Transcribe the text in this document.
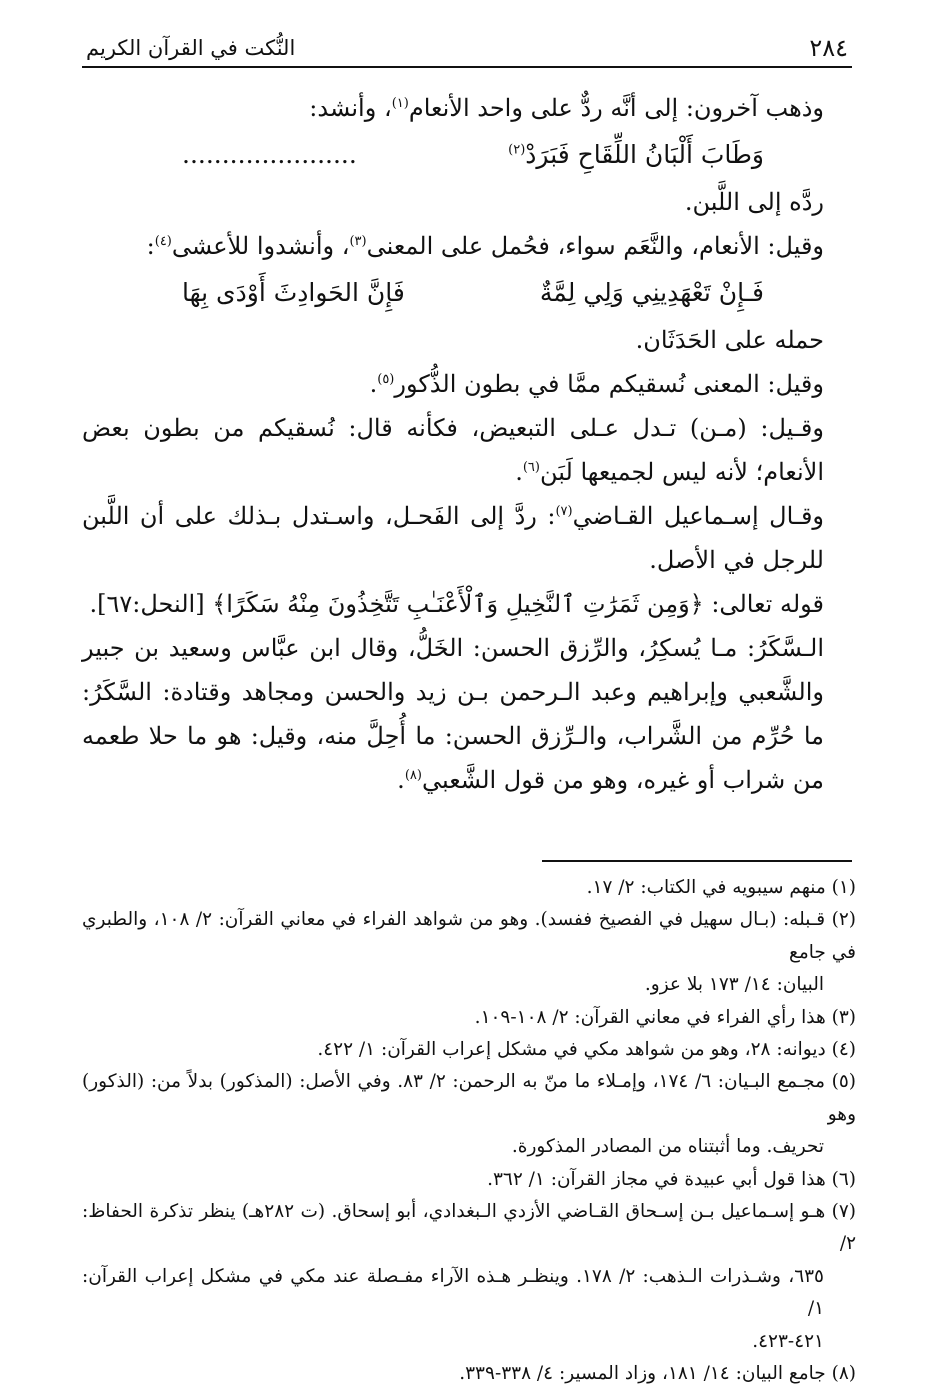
٢٨٤
النُّكت في القرآن الكريم

وذهب آخرون: إلى أنَّه ردٌّ على واحد الأنعام$^{(١)}$، وأنشد:

وَطَابَ أَلْبَانُ اللِّقَاحِ فَبَرَدْ$^{(٢)}$
......................

ردَّه إلى اللَّبن.

وقيل: الأنعام، والنَّعَم سواء، فحُمل على المعنى$^{(٣)}$، وأنشدوا للأعشى$^{(٤)}$:

فَـإِنْ تَعْهَدِينِي وَلِي لِمَّةٌ
فَإِنَّ الحَوادِثَ أَوْدَى بِهَا

حمله على الحَدَثَان.

وقيل: المعنى نُسقيكم ممَّا في بطون الذُّكور$^{(٥)}$.

وقـيل: (مـن) تـدل عـلى التبعيض، فكأنه قال: نُسقيكم من بطون بعض الأنعام؛ لأنه ليس لجميعها لَبَن$^{(٦)}$.

وقـال إسـماعيل القـاضي$^{(٧)}$: ردَّ إلى الفَحـل، واسـتدل بـذلك على أن اللَّبن للرجل في الأصل.

قوله تعالى: ﴿وَمِن ثَمَرَٰتِ ٱلنَّخِيلِ وَٱلْأَعْنَـٰبِ تَتَّخِذُونَ مِنْهُ سَكَرًا﴾ [النحل:٦٧].

الـسَّكَرُ: مـا يُسكِرُ، والرِّزق الحسن: الخَلُّ، وقال ابن عبَّاس وسعيد بن جبير والشَّعبي وإبراهيم وعبد الـرحمن بـن زيد والحسن ومجاهد وقتادة: السَّكَرُ: ما حُرِّم من الشَّراب، والـرِّزق الحسن: ما أُحِلَّ منه، وقيل: هو ما حلا طعمه من شراب أو غيره، وهو من قول الشَّعبي$^{(٨)}$.

(١) منهم سيبويه في الكتاب: ٢/ ١٧.

(٢) قـبله: (بـال سهيل في الفصيخ ففسد). وهو من شواهد الفراء في معاني القرآن: ٢/ ١٠٨، والطبري في جامع

البيان: ١٤/ ١٧٣ بلا عزو.

(٣) هذا رأي الفراء في معاني القرآن: ٢/ ١٠٨-١٠٩.

(٤) ديوانه: ٢٨، وهو من شواهد مكي في مشكل إعراب القرآن: ١/ ٤٢٢.

(٥) مجـمع البـيان: ٦/ ١٧٤، وإمـلاء ما منّ به الرحمن: ٢/ ٨٣. وفي الأصل: (المذكور) بدلاً من: (الذكور) وهو

تحريف. وما أثبتناه من المصادر المذكورة.

(٦) هذا قول أبي عبيدة في مجاز القرآن: ١/ ٣٦٢.

(٧) هـو إسـماعيل بـن إسـحاق القـاضي الأزدي الـبغدادي، أبو إسحاق. (ت ٢٨٢هـ) ينظر تذكرة الحفاظ: ٢/

٦٣٥، وشـذرات الـذهب: ٢/ ١٧٨. وينظـر هـذه الآراء مفـصلة عند مكي في مشكل إعراب القرآن: ١/

٤٢١-٤٢٣.

(٨) جامع البيان: ١٤/ ١٨١، وزاد المسير: ٤/ ٣٣٨-٣٣٩.
